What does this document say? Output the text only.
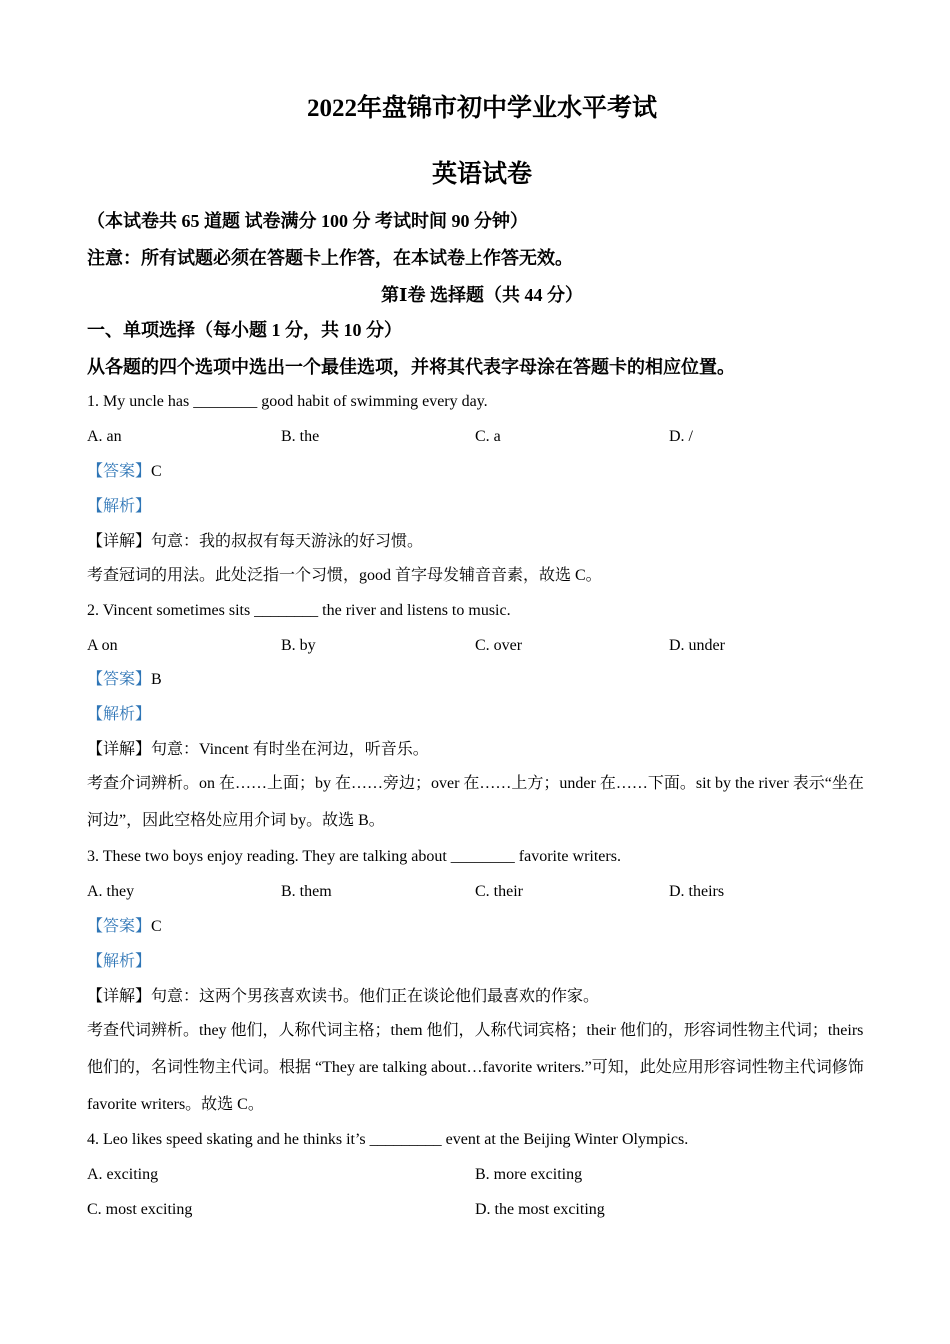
2022年盘锦市初中学业水平考试
英语试卷
（本试卷共 65 道题 试卷满分 100 分 考试时间 90 分钟）
注意：所有试题必须在答题卡上作答，在本试卷上作答无效。
第Ⅰ卷 选择题（共 44 分）
一、单项选择（每小题 1 分，共 10 分）
从各题的四个选项中选出一个最佳选项，并将其代表字母涂在答题卡的相应位置。
1. My uncle has ________ good habit of swimming every day.
A. an	B. the	C. a	D. /
【答案】C
【解析】
【详解】句意：我的叔叔有每天游泳的好习惯。
考查冠词的用法。此处泛指一个习惯，good 首字母发辅音音素，故选 C。
2. Vincent sometimes sits ________ the river and listens to music.
A on	B. by	C. over	D. under
【答案】B
【解析】
【详解】句意：Vincent 有时坐在河边，听音乐。
考查介词辨析。on 在……上面；by 在……旁边；over 在……上方；under 在……下面。sit by the river 表示“坐在河边”，因此空格处应用介词 by。故选 B。
3. These two boys enjoy reading. They are talking about ________ favorite writers.
A. they	B. them	C. their	D. theirs
【答案】C
【解析】
【详解】句意：这两个男孩喜欢读书。他们正在谈论他们最喜欢的作家。
考查代词辨析。they 他们，人称代词主格；them 他们，人称代词宾格；their 他们的，形容词性物主代词；theirs 他们的，名词性物主代词。根据 “They are talking about…favorite writers.”可知，此处应用形容词性物主代词修饰 favorite writers。故选 C。
4. Leo likes speed skating and he thinks it’s _________ event at the Beijing Winter Olympics.
A. exciting	B. more exciting
C. most exciting	D. the most exciting
